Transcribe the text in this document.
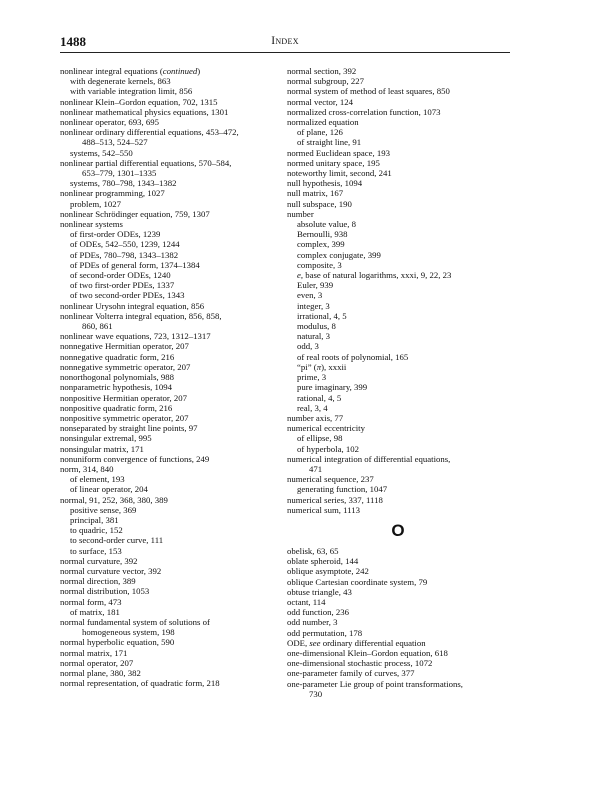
1488	Index
nonlinear integral equations (continued)
with degenerate kernels, 863
with variable integration limit, 856
nonlinear Klein–Gordon equation, 702, 1315
nonlinear mathematical physics equations, 1301
nonlinear operator, 693, 695
nonlinear ordinary differential equations, 453–472,
488–513, 524–527
systems, 542–550
nonlinear partial differential equations, 570–584,
653–779, 1301–1335
systems, 780–798, 1343–1382
nonlinear programming, 1027
problem, 1027
nonlinear Schrödinger equation, 759, 1307
nonlinear systems
of first-order ODEs, 1239
of ODEs, 542–550, 1239, 1244
of PDEs, 780–798, 1343–1382
of PDEs of general form, 1374–1384
of second-order ODEs, 1240
of two first-order PDEs, 1337
of two second-order PDEs, 1343
nonlinear Urysohn integral equation, 856
nonlinear Volterra integral equation, 856, 858,
860, 861
nonlinear wave equations, 723, 1312–1317
nonnegative Hermitian operator, 207
nonnegative quadratic form, 216
nonnegative symmetric operator, 207
nonorthogonal polynomials, 988
nonparametric hypothesis, 1094
nonpositive Hermitian operator, 207
nonpositive quadratic form, 216
nonpositive symmetric operator, 207
nonseparated by straight line points, 97
nonsingular extremal, 995
nonsingular matrix, 171
nonuniform convergence of functions, 249
norm, 314, 840
of element, 193
of linear operator, 204
normal, 91, 252, 368, 380, 389
positive sense, 369
principal, 381
to quadric, 152
to second-order curve, 111
to surface, 153
normal curvature, 392
normal curvature vector, 392
normal direction, 389
normal distribution, 1053
normal form, 473
of matrix, 181
normal fundamental system of solutions of
homogeneous system, 198
normal hyperbolic equation, 590
normal matrix, 171
normal operator, 207
normal plane, 380, 382
normal representation, of quadratic form, 218
normal section, 392
normal subgroup, 227
normal system of method of least squares, 850
normal vector, 124
normalized cross-correlation function, 1073
normalized equation
of plane, 126
of straight line, 91
normed Euclidean space, 193
normed unitary space, 195
noteworthy limit, second, 241
null hypothesis, 1094
null matrix, 167
null subspace, 190
number
absolute value, 8
Bernoulli, 938
complex, 399
complex conjugate, 399
composite, 3
e, base of natural logarithms, xxxi, 9, 22, 23
Euler, 939
even, 3
integer, 3
irrational, 4, 5
modulus, 8
natural, 3
odd, 3
of real roots of polynomial, 165
“pi” (π), xxxii
prime, 3
pure imaginary, 399
rational, 4, 5
real, 3, 4
number axis, 77
numerical eccentricity
of ellipse, 98
of hyperbola, 102
numerical integration of differential equations,
471
numerical sequence, 237
generating function, 1047
numerical series, 337, 1118
numerical sum, 1113
O
obelisk, 63, 65
oblate spheroid, 144
oblique asymptote, 242
oblique Cartesian coordinate system, 79
obtuse triangle, 43
octant, 114
odd function, 236
odd number, 3
odd permutation, 178
ODE, see ordinary differential equation
one-dimensional Klein–Gordon equation, 618
one-dimensional stochastic process, 1072
one-parameter family of curves, 377
one-parameter Lie group of point transformations,
730
